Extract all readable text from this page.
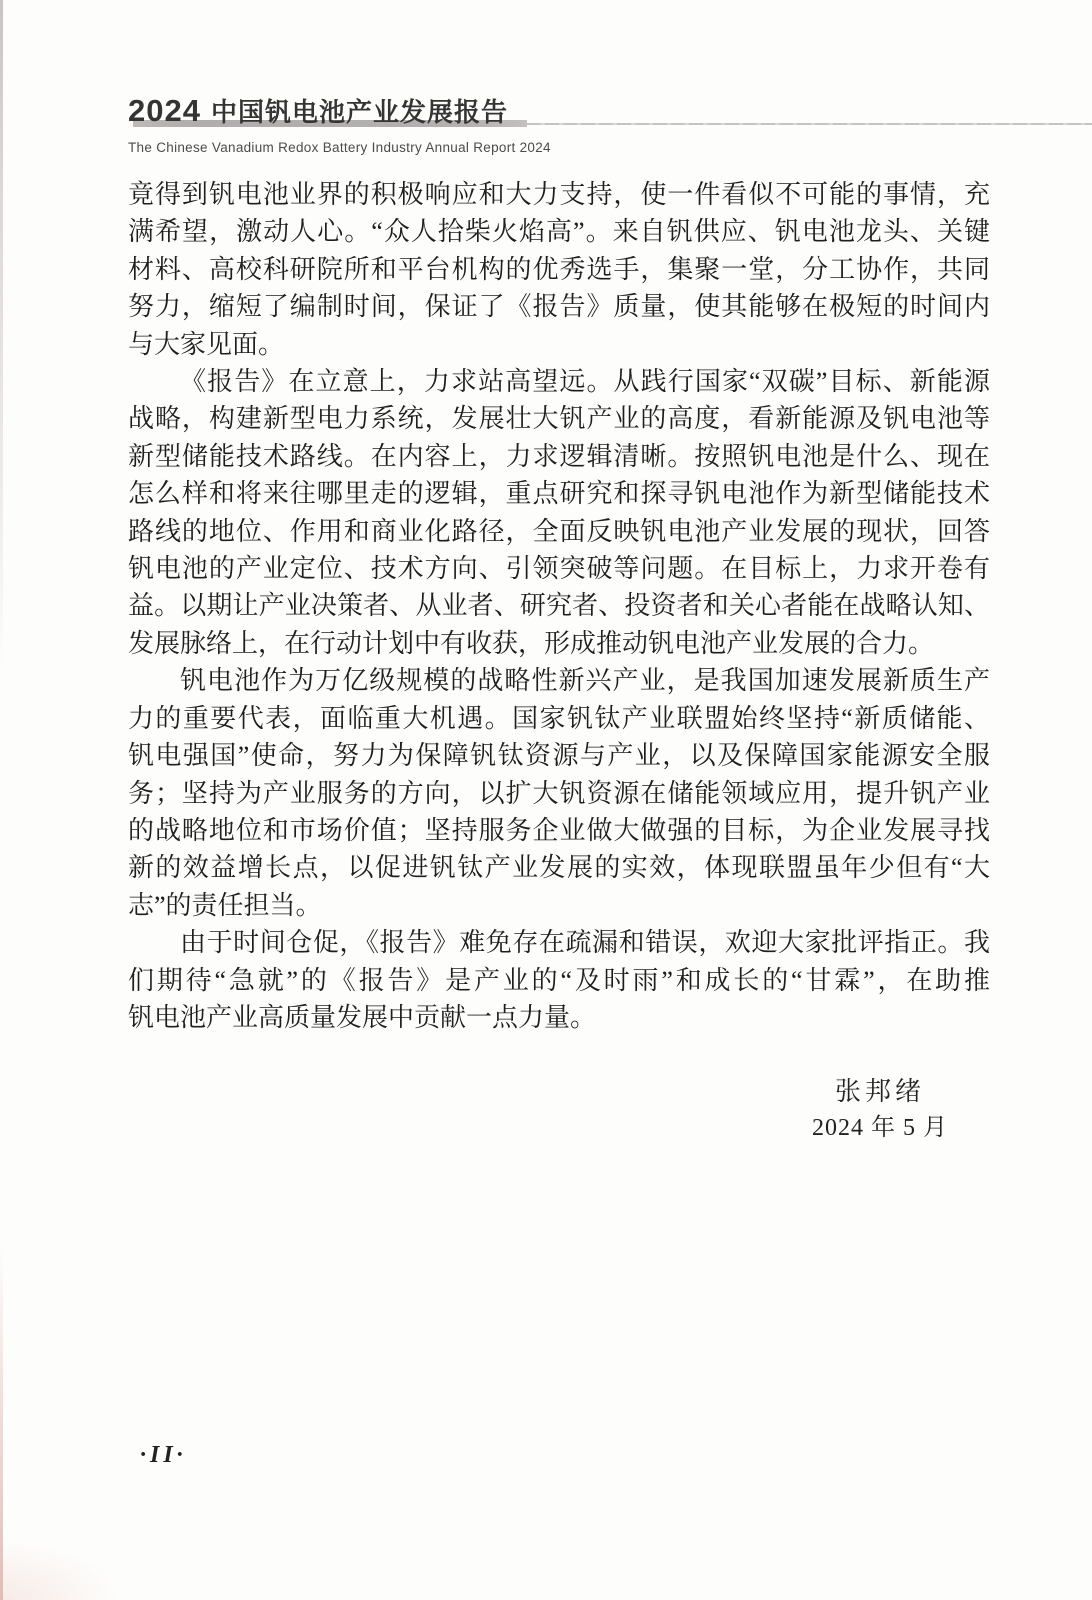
2024 中国钒电池产业发展报告
The Chinese Vanadium Redox Battery Industry Annual Report 2024
竟得到钒电池业界的积极响应和大力支持，使一件看似不可能的事情，充
满希望，激动人心。“众人拾柴火焰高”。来自钒供应、钒电池龙头、关键
材料、高校科研院所和平台机构的优秀选手，集聚一堂，分工协作，共同
努力，缩短了编制时间，保证了《报告》质量，使其能够在极短的时间内
与大家见面。
《报告》在立意上，力求站高望远。从践行国家“双碳”目标、新能源
战略，构建新型电力系统，发展壮大钒产业的高度，看新能源及钒电池等
新型储能技术路线。在内容上，力求逻辑清晰。按照钒电池是什么、现在
怎么样和将来往哪里走的逻辑，重点研究和探寻钒电池作为新型储能技术
路线的地位、作用和商业化路径，全面反映钒电池产业发展的现状，回答
钒电池的产业定位、技术方向、引领突破等问题。在目标上，力求开卷有
益。以期让产业决策者、从业者、研究者、投资者和关心者能在战略认知、
发展脉络上，在行动计划中有收获，形成推动钒电池产业发展的合力。
钒电池作为万亿级规模的战略性新兴产业，是我国加速发展新质生产
力的重要代表，面临重大机遇。国家钒钛产业联盟始终坚持“新质储能、
钒电强国”使命，努力为保障钒钛资源与产业，以及保障国家能源安全服
务；坚持为产业服务的方向，以扩大钒资源在储能领域应用，提升钒产业
的战略地位和市场价值；坚持服务企业做大做强的目标，为企业发展寻找
新的效益增长点，以促进钒钛产业发展的实效，体现联盟虽年少但有“大
志”的责任担当。
由于时间仓促，《报告》难免存在疏漏和错误，欢迎大家批评指正。我
们期待“急就”的《报告》是产业的“及时雨”和成长的“甘霖”，在助推
钒电池产业高质量发展中贡献一点力量。
张邦绪
2024 年 5 月
·II·
